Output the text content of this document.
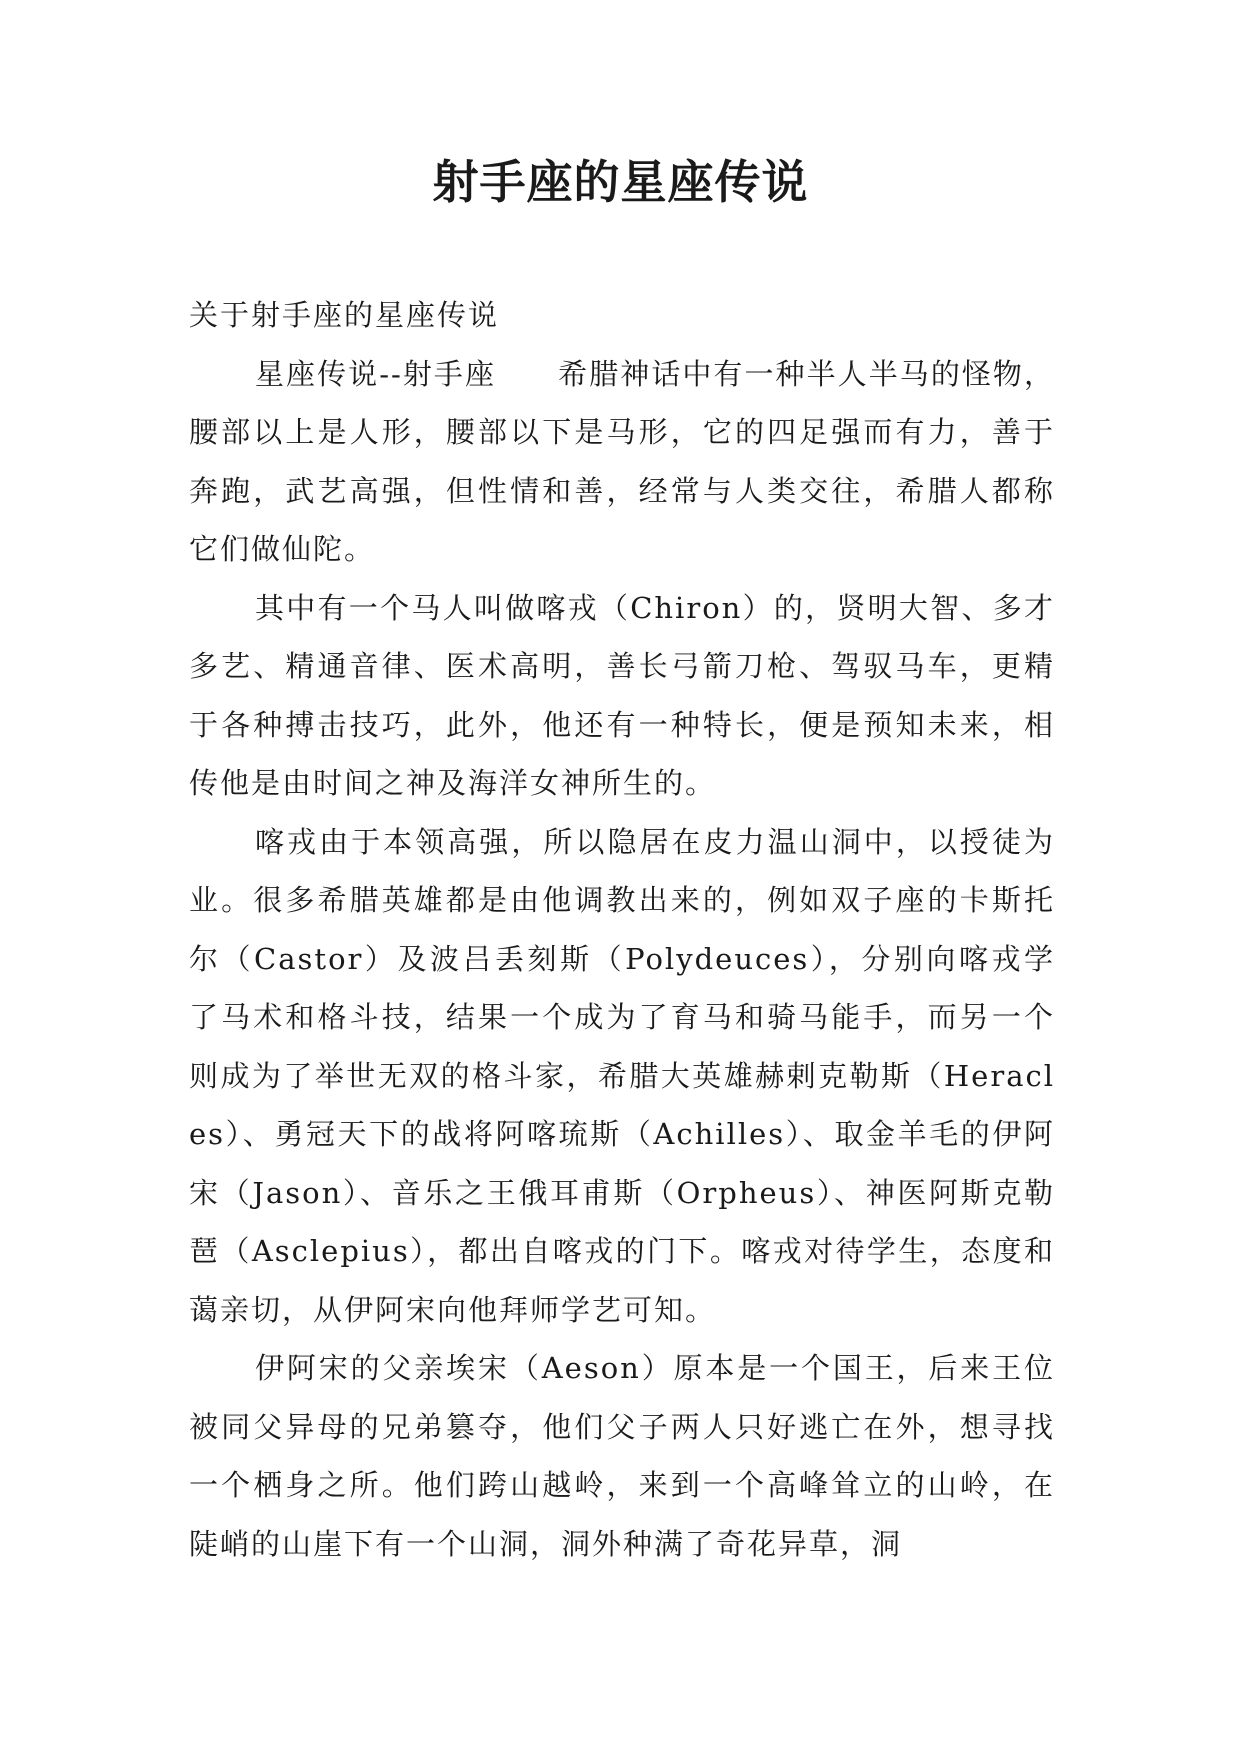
射手座的星座传说

关于射手座的星座传说

星座传说--射手座　　希腊神话中有一种半人半马的怪物，腰部以上是人形，腰部以下是马形，它的四足强而有力，善于奔跑，武艺高强，但性情和善，经常与人类交往，希腊人都称它们做仙陀。

其中有一个马人叫做喀戎（Chiron）的，贤明大智、多才多艺、精通音律、医术高明，善长弓箭刀枪、驾驭马车，更精于各种搏击技巧，此外，他还有一种特长，便是预知未来，相传他是由时间之神及海洋女神所生的。

喀戎由于本领高强，所以隐居在皮力温山洞中，以授徒为业。很多希腊英雄都是由他调教出来的，例如双子座的卡斯托尔（Castor）及波吕丢刻斯（Polydeuces），分别向喀戎学了马术和格斗技，结果一个成为了育马和骑马能手，而另一个则成为了举世无双的格斗家，希腊大英雄赫剌克勒斯（Heracles）、勇冠天下的战将阿喀琉斯（Achilles）、取金羊毛的伊阿宋（Jason）、音乐之王俄耳甫斯（Orpheus）、神医阿斯克勒琶（Asclepius），都出自喀戎的门下。喀戎对待学生，态度和蔼亲切，从伊阿宋向他拜师学艺可知。

伊阿宋的父亲埃宋（Aeson）原本是一个国王，后来王位被同父异母的兄弟篡夺，他们父子两人只好逃亡在外，想寻找一个栖身之所。他们跨山越岭，来到一个高峰耸立的山岭，在陡峭的山崖下有一个山洞，洞外种满了奇花异草，洞
